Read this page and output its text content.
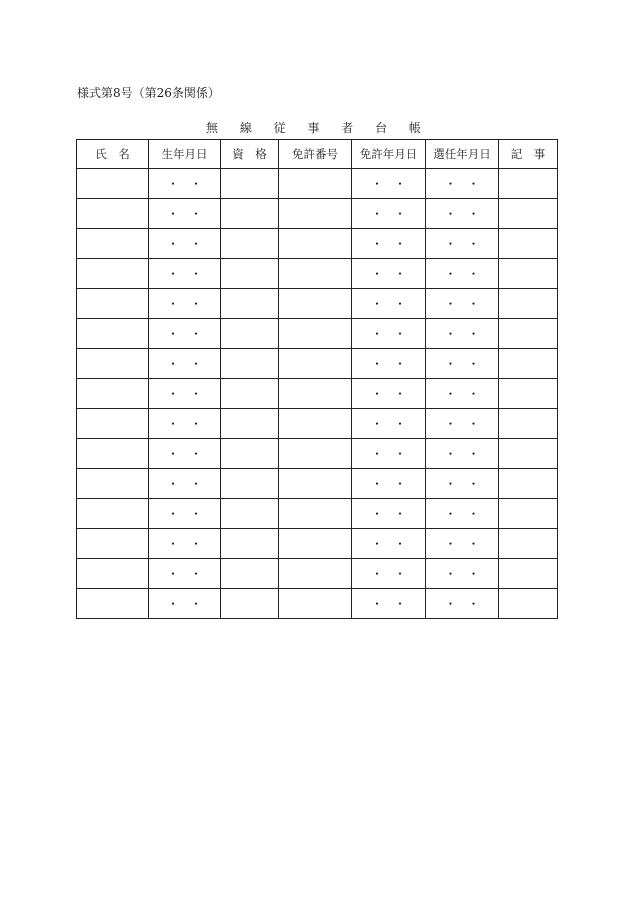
様式第8号（第26条関係）
無 線 従 事 者 台 帳
氏　名	生年月日	資　格	免許番号	免許年月日	選任年月日	記　事
	・　・			・　・	・　・	
	・　・			・　・	・　・	
	・　・			・　・	・　・	
	・　・			・　・	・　・	
	・　・			・　・	・　・	
	・　・			・　・	・　・	
	・　・			・　・	・　・	
	・　・			・　・	・　・	
	・　・			・　・	・　・	
	・　・			・　・	・　・	
	・　・			・　・	・　・	
	・　・			・　・	・　・	
	・　・			・　・	・　・	
	・　・			・　・	・　・	
	・　・			・　・	・　・	
